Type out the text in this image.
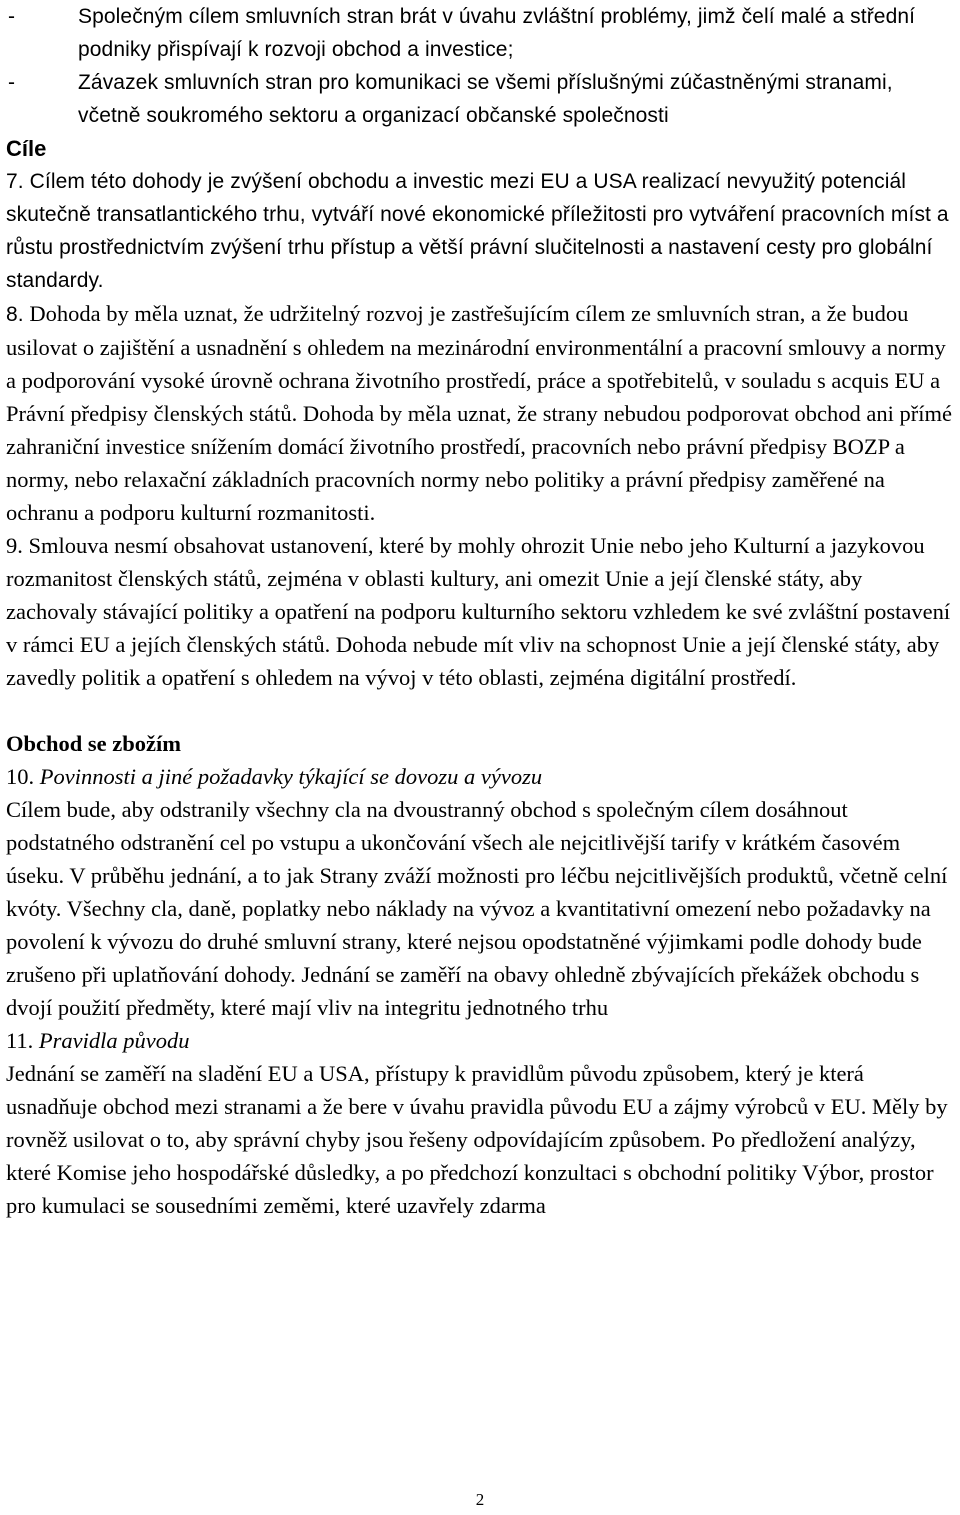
-	Společným cílem smluvních stran brát v úvahu zvláštní problémy, jimž čelí malé a střední podniky přispívají k rozvoji obchod a investice;
-	Závazek smluvních stran pro komunikaci se všemi příslušnými zúčastněnými stranami, včetně soukromého sektoru a organizací občanské společnosti

Cíle

7. Cílem této dohody je zvýšení obchodu a investic mezi EU a USA realizací nevyužitý potenciál skutečně transatlantického trhu, vytváří nové ekonomické příležitosti pro vytváření pracovních míst a růstu prostřednictvím zvýšení trhu přístup a větší právní slučitelnosti a nastavení cesty pro globální standardy.

8. Dohoda by měla uznat, že udržitelný rozvoj je zastřešujícím cílem ze smluvních stran, a že budou usilovat o zajištění a usnadnění s ohledem na mezinárodní environmentální a pracovní smlouvy a normy a podporování vysoké úrovně ochrana životního prostředí, práce a spotřebitelů, v souladu s acquis EU a Právní předpisy členských států. Dohoda by měla uznat, že strany nebudou podporovat obchod ani přímé zahraniční investice snížením domácí životního prostředí, pracovních nebo právní předpisy BOZP a normy, nebo relaxační základních pracovních normy nebo politiky a právní předpisy zaměřené na ochranu a podporu kulturní rozmanitosti.

9. Smlouva nesmí obsahovat ustanovení, které by mohly ohrozit Unie nebo jeho Kulturní a jazykovou rozmanitost členských států, zejména v oblasti kultury, ani omezit Unie a její členské státy, aby zachovaly stávající politiky a opatření na podporu kulturního sektoru vzhledem ke své zvláštní postavení v rámci EU a jejích členských států. Dohoda nebude mít vliv na schopnost Unie a její členské státy, aby zavedly politik a opatření s ohledem na vývoj v této oblasti, zejména digitální prostředí.

Obchod se zbožím

10. Povinnosti a jiné požadavky týkající se dovozu a vývozu

Cílem bude, aby odstranily všechny cla na dvoustranný obchod s společným cílem dosáhnout podstatného odstranění cel po vstupu a ukončování všech ale nejcitlivější tarify v krátkém časovém úseku. V průběhu jednání, a to jak Strany zváží možnosti pro léčbu nejcitlivějších produktů, včetně celní kvóty. Všechny cla, daně, poplatky nebo náklady na vývoz a kvantitativní omezení nebo požadavky na povolení k vývozu do druhé smluvní strany, které nejsou opodstatněné výjimkami podle dohody bude zrušeno při uplatňování dohody. Jednání se zaměří na obavy ohledně zbývajících překážek obchodu s dvojí použití předměty, které mají vliv na integritu jednotného trhu

11. Pravidla původu

Jednání se zaměří na sladění EU a USA, přístupy k pravidlům původu způsobem, který je která usnadňuje obchod mezi stranami a že bere v úvahu pravidla původu EU a zájmy výrobců v EU. Měly by rovněž usilovat o to, aby správní chyby jsou řešeny odpovídajícím způsobem. Po předložení analýzy, které Komise jeho hospodářské důsledky, a po předchozí konzultaci s obchodní politiky Výbor, prostor pro kumulaci se sousedními zeměmi, které uzavřely zdarma

2
